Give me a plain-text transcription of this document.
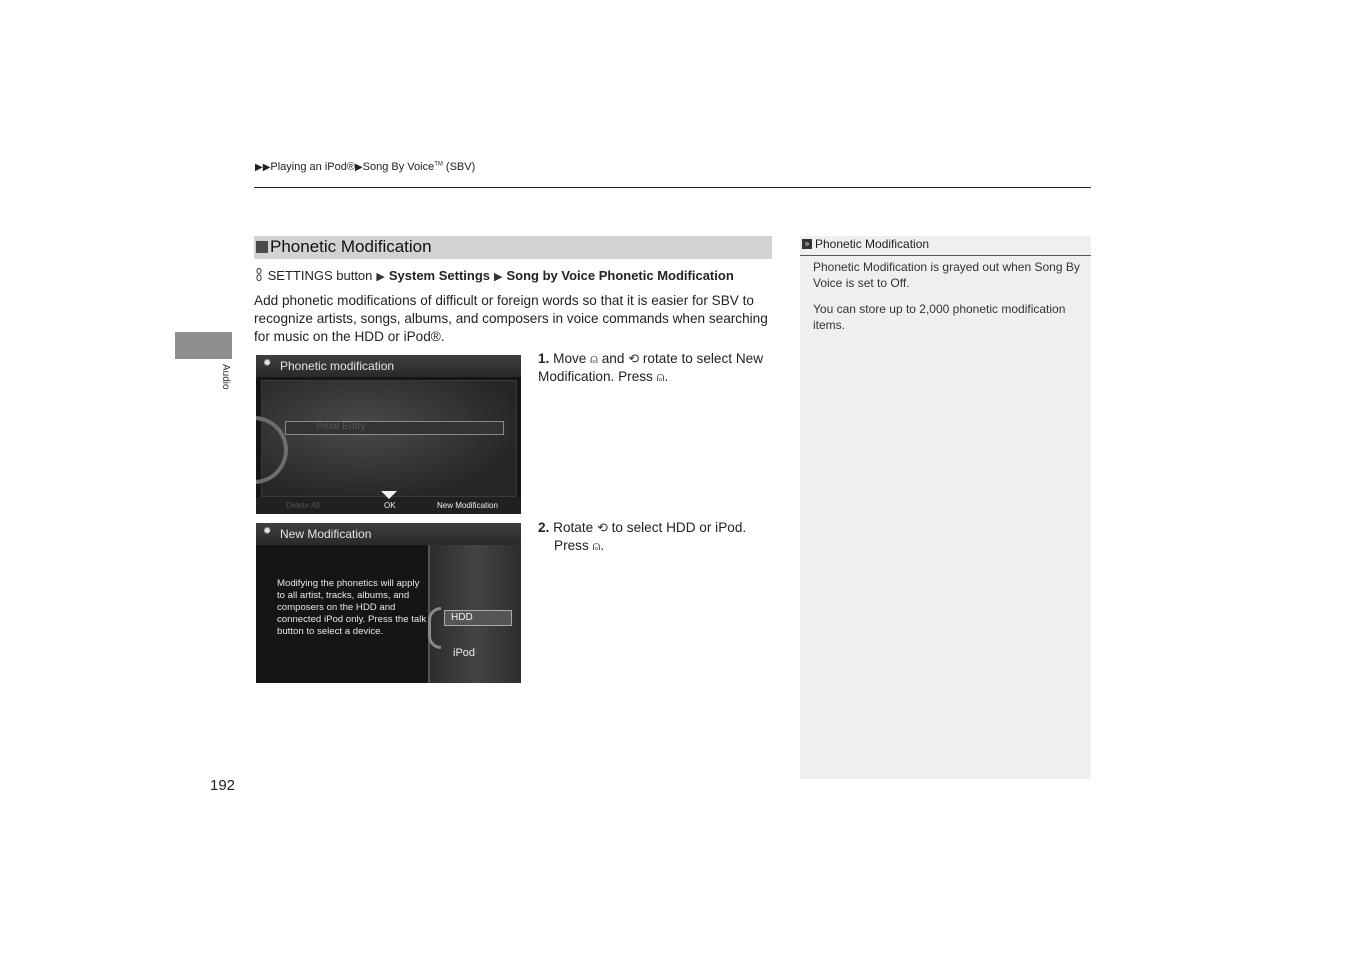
▶▶Playing an iPod®▶Song By Voice™ (SBV)
Audio
Phonetic Modification
SETTINGS button ▶ System Settings ▶ Song by Voice Phonetic Modification
Add phonetic modifications of difficult or foreign words so that it is easier for SBV to recognize artists, songs, albums, and composers in voice commands when searching for music on the HDD or iPod®.
✹ Phonetic modification
Initial Entry
Delete All	OK	New Modification
✹ New Modification
Modifying the phonetics will apply to all artist, tracks, albums, and composers on the HDD and connected iPod only. Press the talk button to select a device.
HDD
iPod
1. Move ⍝ and ⟲ rotate to select New Modification. Press ⍝.
2. Rotate ⟲ to select HDD or iPod.
Press ⍝.
» Phonetic Modification
Phonetic Modification is grayed out when Song By Voice is set to Off.
You can store up to 2,000 phonetic modification items.
192
